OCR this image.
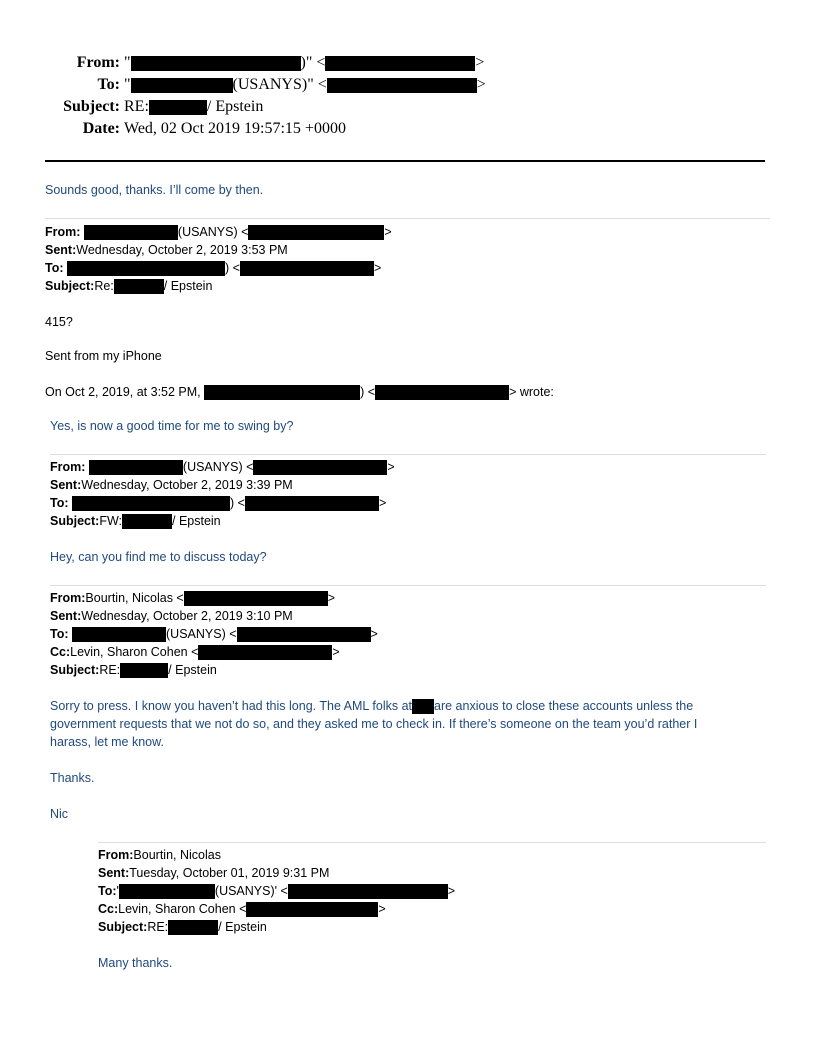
From: "	)" <	>
To: "	(USANYS)" <	>
Subject: RE:	/ Epstein
Date: Wed, 02 Oct 2019 19:57:15 +0000
Sounds good, thanks. I’ll come by then.
From:
	(USANYS) <	>
Sent: Wednesday, October 2, 2019 3:53 PM
To:
	) <	>
Subject: Re:	/ Epstein
415?
Sent from my iPhone
On Oct 2, 2019, at 3:52 PM,
	) <	> wrote:
Yes, is now a good time for me to swing by?
From:
	(USANYS) <	>
Sent: Wednesday, October 2, 2019 3:39 PM
To:
	) <	>
Subject: FW:	/ Epstein
Hey, can you find me to discuss today?
From: Bourtin, Nicolas <	>
Sent: Wednesday, October 2, 2019 3:10 PM
To:
	(USANYS) <	>
Cc: Levin, Sharon Cohen <	>
Subject: RE:	/ Epstein
Sorry to press. I know you haven’t had this long. The AML folks at are anxious to close these accounts unless the
government requests that we not do so, and they asked me to check in. If there’s someone on the team you’d rather I
harass, let me know.
Thanks.
Nic
From: Bourtin, Nicolas
Sent: Tuesday, October 01, 2019 9:31 PM
To: '	(USANYS)' <	>
Cc: Levin, Sharon Cohen <	>
Subject: RE:	/ Epstein
Many thanks.
